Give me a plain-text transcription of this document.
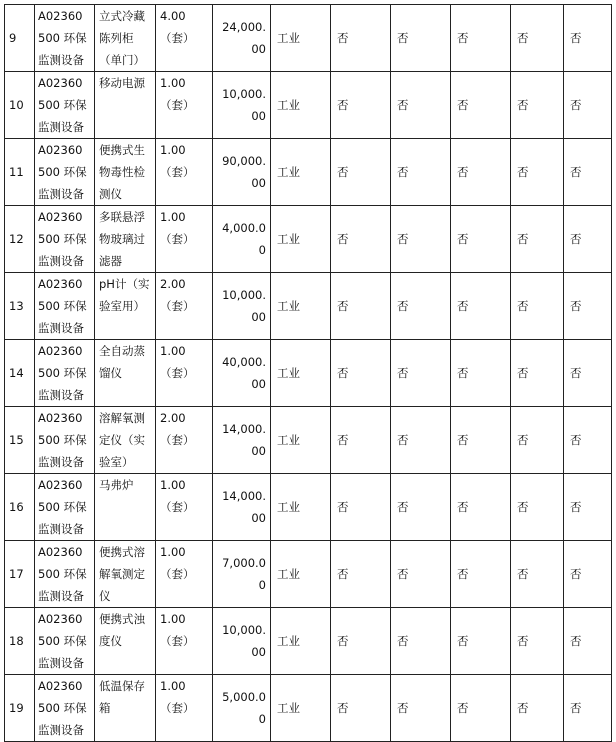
9	A02360
500 环保
监测设备	立式冷藏陈列柜（单门）	4.00（套）	24,000.00	工业	否	否	否	否	否
10	A02360
500 环保
监测设备	移动电源	1.00（套）	10,000.00	工业	否	否	否	否	否
11	A02360
500 环保
监测设备	便携式生物毒性检测仪	1.00（套）	90,000.00	工业	否	否	否	否	否
12	A02360
500 环保
监测设备	多联悬浮物玻璃过滤器	1.00（套）	4,000.00	工业	否	否	否	否	否
13	A02360
500 环保
监测设备	pH计（实验室用）	2.00（套）	10,000.00	工业	否	否	否	否	否
14	A02360
500 环保
监测设备	全自动蒸馏仪	1.00（套）	40,000.00	工业	否	否	否	否	否
15	A02360
500 环保
监测设备	溶解氧测定仪（实验室）	2.00（套）	14,000.00	工业	否	否	否	否	否
16	A02360
500 环保
监测设备	马弗炉	1.00（套）	14,000.00	工业	否	否	否	否	否
17	A02360
500 环保
监测设备	便携式溶解氧测定仪	1.00（套）	7,000.00	工业	否	否	否	否	否
18	A02360
500 环保
监测设备	便携式浊度仪	1.00（套）	10,000.00	工业	否	否	否	否	否
19	A02360
500 环保
监测设备	低温保存箱	1.00（套）	5,000.00	工业	否	否	否	否	否
